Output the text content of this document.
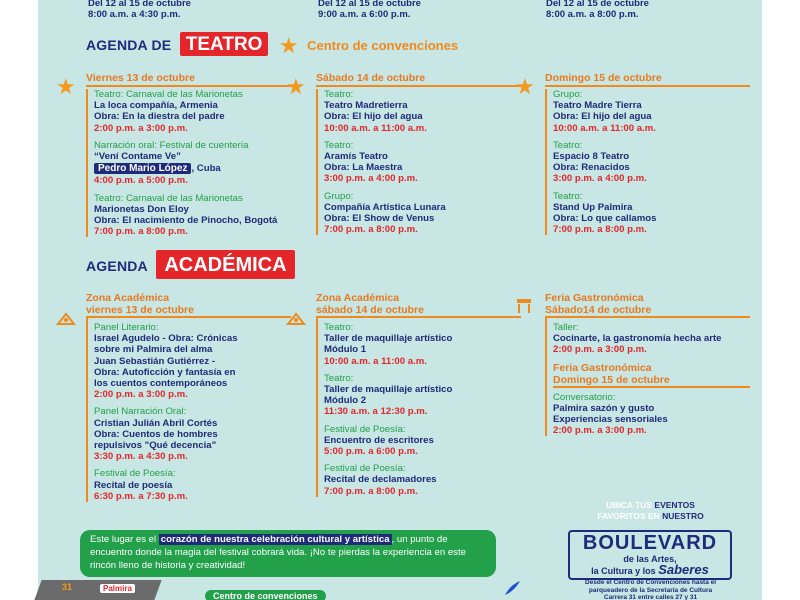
Del 12 al 15 de octubre
8:00 a.m. a 4:30 p.m.
Del 12 al 15 de octubre
9:00 a.m. a 6:00 p.m.
Del 12 al 15 de octubre
8:00 a.m. a 8:00 p.m.
AGENDA DE TEATRO ★ Centro de convenciones
★ Viernes 13 de octubre
Teatro: Carnaval de las Marionetas
La loca compañía, Armenia
Obra: En la diestra del padre
2:00 p.m. a 3:00 p.m.
Narración oral: Festival de cuentería
“Vení Contame Ve”
Pedro Mario López , Cuba
4:00 p.m. a 5:00 p.m.
Teatro: Carnaval de las Marionetas
Marionetas Don Eloy
Obra: El nacimiento de Pinocho, Bogotá
7:00 p.m. a 8:00 p.m.
★ Sábado 14 de octubre
Teatro:
Teatro Madretierra
Obra: El hijo del agua
10:00 a.m. a 11:00 a.m.
Teatro:
Aramís Teatro
Obra: La Maestra
3:00 p.m. a 4:00 p.m.
Grupo:
Compañía Artística Lunara
Obra: El Show de Venus
7:00 p.m. a 8:00 p.m.
★ Domingo 15 de octubre
Grupo:
Teatro Madre Tierra
Obra: El hijo del agua
10:00 a.m. a 11:00 a.m.
Teatro:
Espacio 8 Teatro
Obra: Renacidos
3:00 p.m. a 4:00 p.m.
Teatro:
Stand Up Palmira
Obra: Lo que callamos
7:00 p.m. a 8:00 p.m.
AGENDA ACADÉMICA
Zona Académica
viernes 13 de octubre
Panel Literario:
Israel Agudelo - Obra: Crónicas
sobre mi Palmira del alma
Juan Sebastián Gutiérrez -
Obra: Autoficción y fantasía en
los cuentos contemporáneos
2:00 p.m. a 3:00 p.m.
Panel Narración Oral:
Cristian Julián Abril Cortés
Obra: Cuentos de hombres
repulsivos "Qué decencia"
3:30 p.m. a 4:30 p.m.
Festival de Poesía:
Recital de poesía
6:30 p.m. a 7:30 p.m.
Zona Académica
sábado 14 de octubre
Teatro:
Taller de maquillaje artístico
Módulo 1
10:00 a.m. a 11:00 a.m.
Teatro:
Taller de maquillaje artístico
Módulo 2
11:30 a.m. a 12:30 p.m.
Festival de Poesía:
Encuentro de escritores
5:00 p.m. a 6:00 p.m.
Festival de Poesía:
Recital de declamadores
7:00 p.m. a 8:00 p.m.
Feria Gastronómica
Sábado14 de octubre
Taller:
Cocinarte, la gastronomía hecha arte
2:00 p.m. a 3:00 p.m.
Feria Gastronómica
Domingo 15 de octubre
Conversatorio:
Palmira sazón y gusto
Experiencias sensoriales
2:00 p.m. a 3:00 p.m.
Este lugar es el corazón de nuestra celebración cultural y artística , un punto de encuentro donde la magia del festival cobrará vida. ¡No te pierdas la experiencia en este rincón lleno de historia y creatividad!
31	Palmira
Centro de convenciones
UBICA TUS EVENTOS
FAVORITOS EN NUESTRO
BOULEVARD
de las Artes,
la Cultura y los Saberes
Desde el Centro de Convenciones hasta el
parqueadero de la Secretaría de Cultura
Carrera 31 entre calles 27 y 31
